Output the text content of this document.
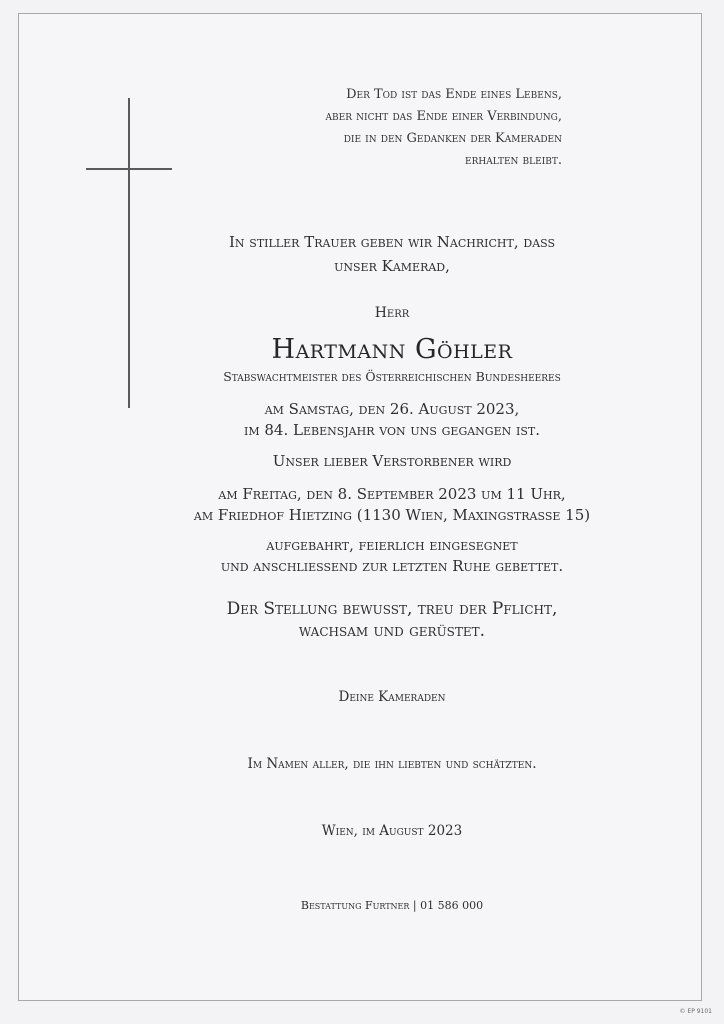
Der Tod ist das Ende eines Lebens,
aber nicht das Ende einer Verbindung,
die in den Gedanken der Kameraden
erhalten bleibt.
In stiller Trauer geben wir Nachricht, dass
unser Kamerad,
Herr
Hartmann Göhler
Stabswachtmeister des Österreichischen Bundesheeres
am Samstag, den 26. August 2023,
im 84. Lebensjahr von uns gegangen ist.
Unser lieber Verstorbener wird
am Freitag, den 8. September 2023 um 11 Uhr,
am Friedhof Hietzing (1130 Wien, Maxingstrasse 15)
aufgebahrt, feierlich eingesegnet
und anschliessend zur letzten Ruhe gebettet.
Der Stellung bewusst, treu der Pflicht,
wachsam und gerüstet.
Deine Kameraden
Im Namen aller, die ihn liebten und schätzten.
Wien, im August 2023
Bestattung Furtner | 01 586 000
© EP 9101
